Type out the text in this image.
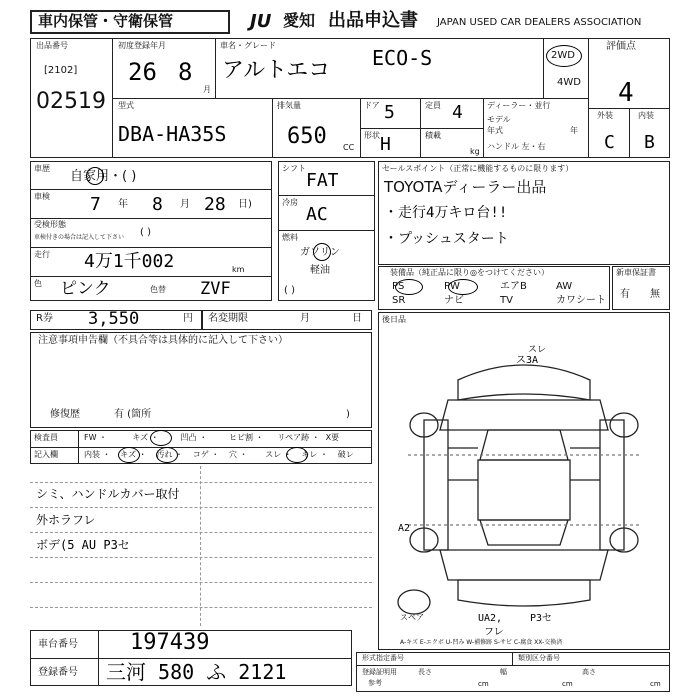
車内保管・守衛保管	JU 愛知 出品申込書 JAPAN USED CAR DEALERS ASSOCIATION
出品番号
[2102]
02519
初度登録年月
26 8
月
車名・グレード
アルトエコ ECO-S	2WD
4WD
評価点
4
外装	内装
C B
型式
DBA-HA35S
排気量
650 CC
ドア 5
形状 H
定員 4
積載
kg
ディーラー・並行
モデル
年式	年
ハンドル 左・右
車歴
自家用・( )
車検 7 年 8 月 28 日)
受検形態
車検付きの場合は記入して下さい ( )
走行 4万1千002	km
色 ピンク	色替 ZVF
シフト
FAT
冷房
AC
燃料
ガソリン
軽油
( )
セールスポイント（正常に機能するものに限ります）
TOYOTAディーラー出品
・走行4万キロ台!!
・プッシュスタート
装備品（純正品に限り◎をつけてください）
PS	PW	エアB	AW
SR	ナビ	TV	カワシート
新車保証書
有 無
R券 3,550	円 名変期限	月	日
注意事項申告欄（不具合等は具体的に記入して下さい）
修復歴	有 (箇所	)
検査員
記入欄
FW ・	キズ ・	凹凸 ・	ヒビ割 ・ リペア跡 ・ X要
内装 ・ キズ ・ 汚れ ・ コゲ ・ 穴 ・ スレ ・ キレ ・ 破レ
シミ、ハンドルカバー取付
外ホラフレ
ボデ(5 AU P3セ
後日品
スレ
ス3A
A2
UA2,	P3セ
フレ
スペア
A-キズ E-エクボ U-凹み W-補修跡 S-サビ C-腐食 XX-交換済
車台番号 197439
登録番号 三河 580 ふ 2121
形式指定番号	類別区分番号
登録証明用
参考
長さ	幅	高さ
cm	cm	cm
